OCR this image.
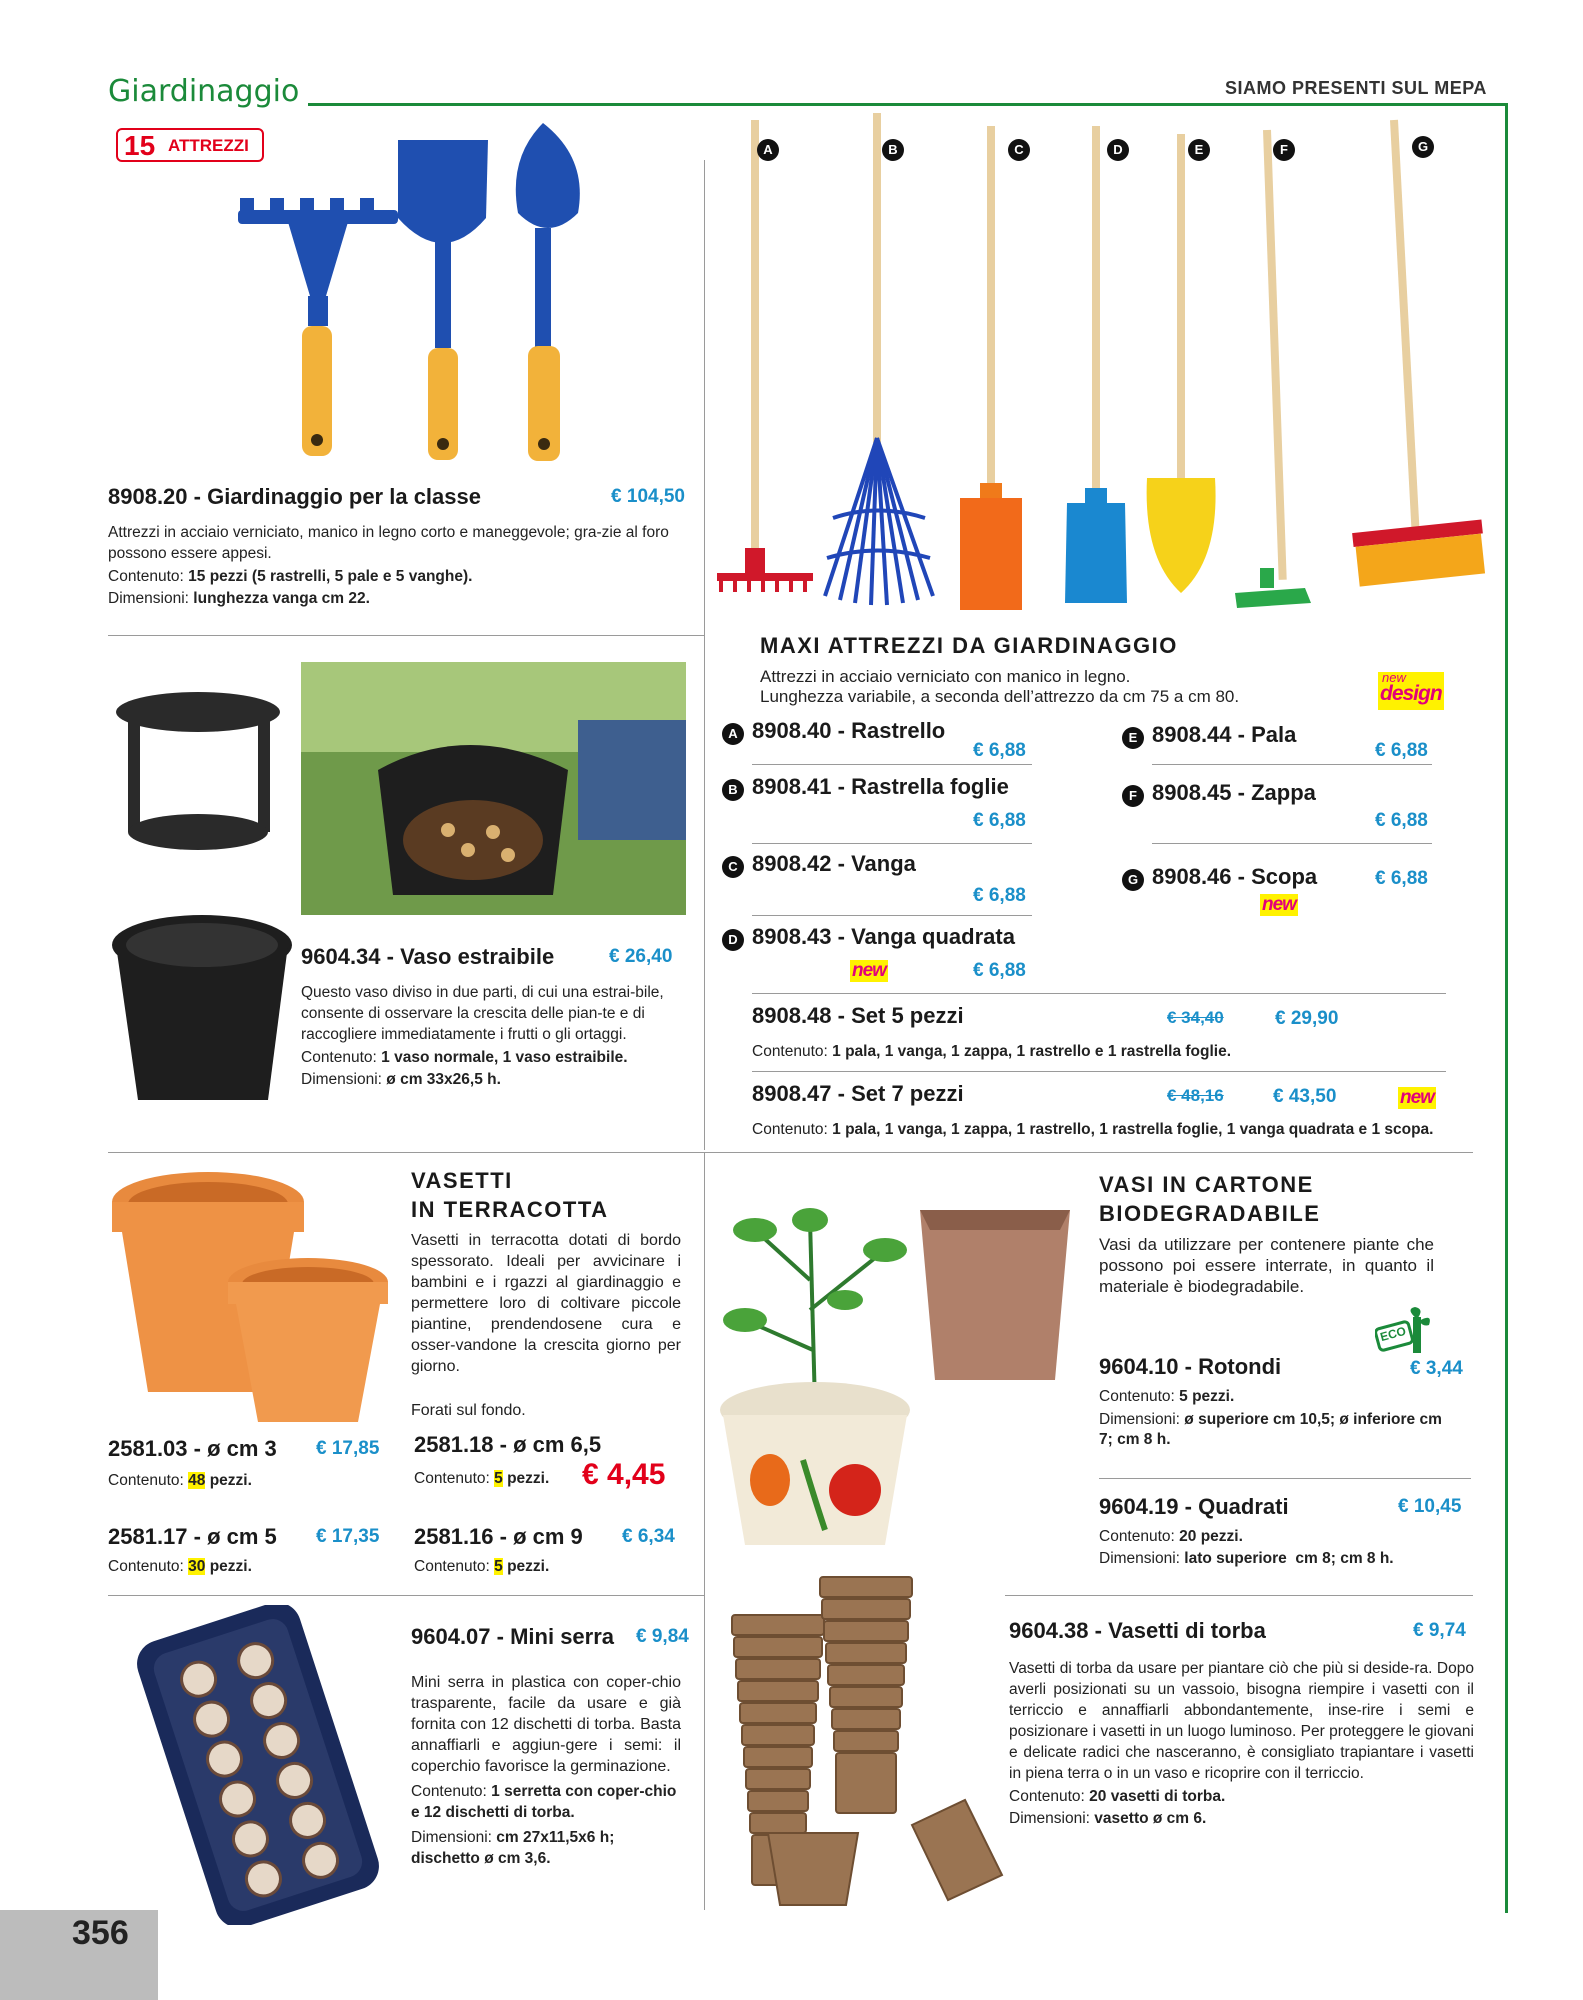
Giardinaggio	SIAMO PRESENTI SUL MEPA
15 ATTREZZI
8908.20 - Giardinaggio per la classe	€ 104,50
Attrezzi in acciaio verniciato, manico in legno corto e maneggevole; gra-zie al foro possono essere appesi.
Contenuto: 15 pezzi (5 rastrelli, 5 pale e 5 vanghe).
Dimensioni: lunghezza vanga cm 22.
A	B	C	D	E	F	G
MAXI ATTREZZI DA GIARDINAGGIO
Attrezzi in acciaio verniciato con manico in legno.
Lunghezza variabile, a seconda dell’attrezzo da cm 75 a cm 80.
new
design
A 8908.40 - Rastrello
€ 6,88
B 8908.41 - Rastrella foglie
€ 6,88
C 8908.42 - Vanga
€ 6,88
D 8908.43 - Vanga quadrata
new	€ 6,88
E 8908.44 - Pala
€ 6,88
F 8908.45 - Zappa
€ 6,88
G 8908.46 - Scopa	€ 6,88
new
8908.48 - Set 5 pezzi	€ 34,40	€ 29,90
Contenuto: 1 pala, 1 vanga, 1 zappa, 1 rastrello e 1 rastrella foglie.
8908.47 - Set 7 pezzi	€ 48,16	€ 43,50	new
Contenuto: 1 pala, 1 vanga, 1 zappa, 1 rastrello, 1 rastrella foglie, 1 vanga quadrata e 1 scopa.
9604.34 - Vaso estraibile	€ 26,40
Questo vaso diviso in due parti, di cui una estrai-bile, consente di osservare la crescita delle pian-te e di raccogliere immediatamente i frutti o gli ortaggi.
Contenuto: 1 vaso normale, 1 vaso estraibile.
Dimensioni: ø cm 33x26,5 h.
VASETTI
IN TERRACOTTA
Vasetti in terracotta dotati di bordo spessorato. Ideali per avvicinare i bambini e i rgazzi al giardinaggio e permettere loro di coltivare piccole piantine, prendendosene cura e osser-vandone la crescita giorno per giorno.
Forati sul fondo.
2581.03 - ø cm 3 € 17,85
Contenuto: 48 pezzi.
2581.18 - ø cm 6,5
€ 4,45
Contenuto: 5 pezzi.
2581.17 - ø cm 5 € 17,35
Contenuto: 30 pezzi.
2581.16 - ø cm 9 € 6,34
Contenuto: 5 pezzi.
VASI IN CARTONE
BIODEGRADABILE
Vasi da utilizzare per contenere piante che possono poi essere interrate, in quanto il materiale è biodegradabile.
ECO
9604.10 - Rotondi	€ 3,44
Contenuto: 5 pezzi.
Dimensioni: ø superiore cm 10,5; ø inferiore cm 7; cm 8 h.
9604.19 - Quadrati	€ 10,45
Contenuto: 20 pezzi.
Dimensioni: lato superiore  cm 8; cm 8 h.
9604.07 - Mini serra € 9,84
Mini serra in plastica con coper-chio trasparente, facile da usare e già fornita con 12 dischetti di torba. Basta annaffiarli e aggiun-gere i semi: il coperchio favorisce la germinazione.
Contenuto: 1 serretta con coper-chio e 12 dischetti di torba.
Dimensioni: cm 27x11,5x6 h; dischetto ø cm 3,6.
9604.38 - Vasetti di torba	€ 9,74
Vasetti di torba da usare per piantare ciò che più si deside-ra. Dopo averli posizionati su un vassoio, bisogna riempire i vasetti con il terriccio e annaffiarli abbondantemente, inse-rire i semi e posizionare i vasetti in un luogo luminoso. Per proteggere le giovani e delicate radici che nasceranno, è consigliato trapiantare i vasetti in piena terra o in un vaso e ricoprire con il terriccio.
Contenuto: 20 vasetti di torba.
Dimensioni: vasetto ø cm 6.
356
